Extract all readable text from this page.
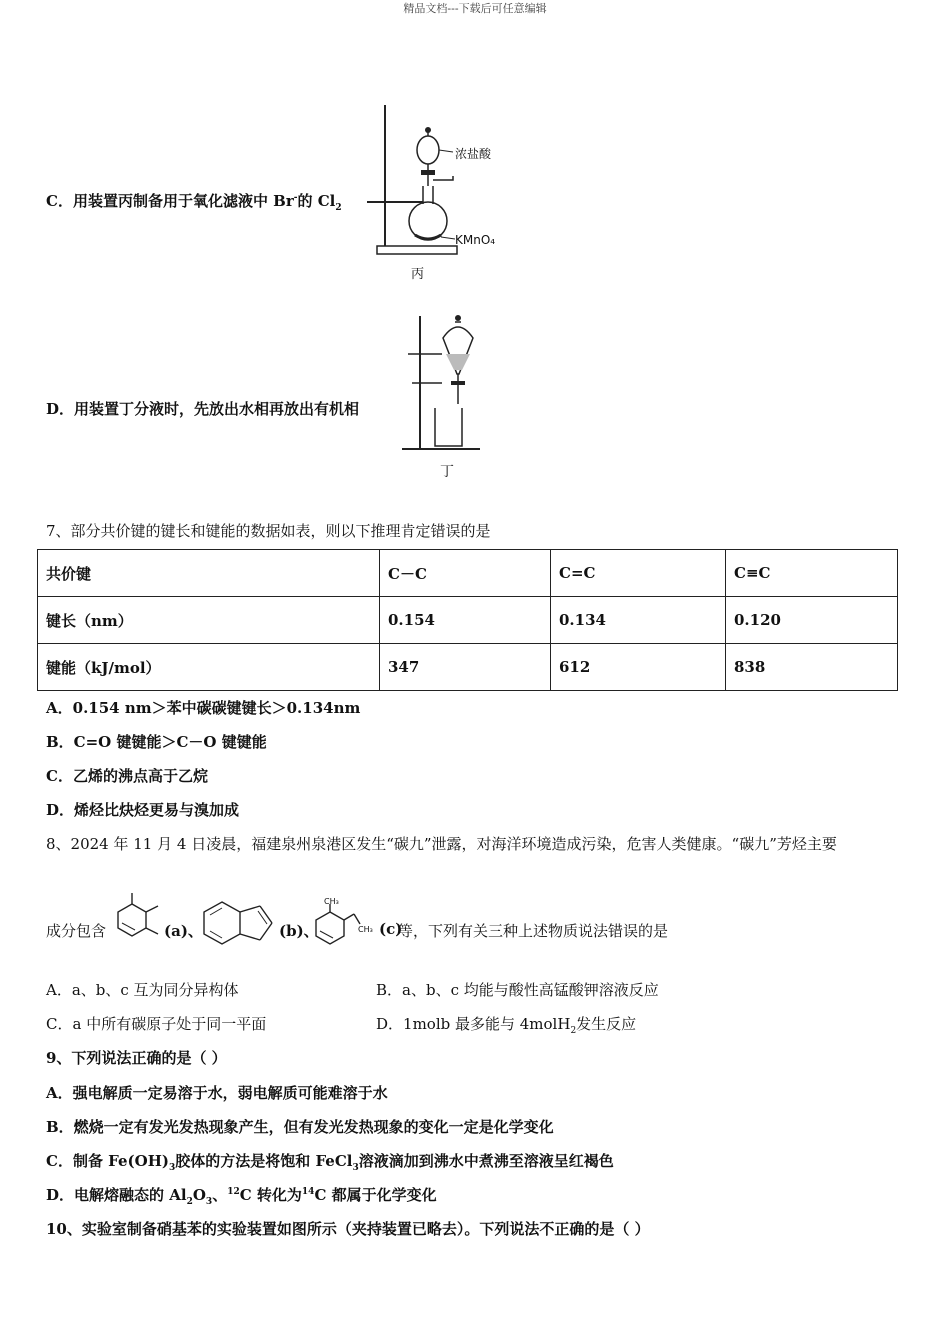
精品文档---下载后可任意编辑
C．用装置丙制备用于氧化滤液中 Br-的 $Cl_2$
浓盐酸
KMnO₄
丙
D．用装置丁分液时，先放出水相再放出有机相
丁
7、部分共价键的键长和键能的数据如表，则以下推理肯定错误的是
共价键	C－C	C=C	C≡C
键长（nm）	0.154	0.134	0.120
键能（kJ/mol）	347	612	838
A．0.154 nm＞苯中碳碳键键长＞0.134nm
B．C=O 键键能＞C－O 键键能
C．乙烯的沸点高于乙烷
D．烯烃比炔烃更易与溴加成
8、2024 年 11 月 4 日凌晨，福建泉州泉港区发生“碳九”泄露，对海洋环境造成污染，危害人类健康。“碳九”芳烃主要
成分包含	(a)、	(b)、
CH₃
CH₃ (c)
等，下列有关三种上述物质说法错误的是
A．a、b、c 互为同分异构体	B．a、b、c 均能与酸性高锰酸钾溶液反应
C．a 中所有碳原子处于同一平面	D．1molb 最多能与 4molH$_2$发生反应
9、下列说法正确的是（ ）
A．强电解质一定易溶于水，弱电解质可能难溶于水
B．燃烧一定有发光发热现象产生，但有发光发热现象的变化一定是化学变化
C．制备 $Fe(OH)_3$胶体的方法是将饱和 FeCl$_3$溶液滴加到沸水中煮沸至溶液呈红褐色
D．电解熔融态的 $Al_2O_3$、$^{12}$C 转化为$^{14}$C 都属于化学变化
10、实验室制备硝基苯的实验装置如图所示（夹持装置已略去）。下列说法不正确的是（ ）
